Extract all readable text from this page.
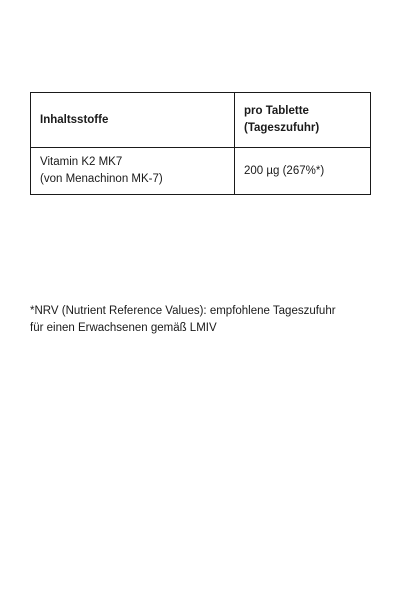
Inhaltsstoffe	pro Tablette
(Tageszufuhr)

Vitamin K2 MK7
(von Menachinon MK-7)	200 µg (267%*)

*NRV (Nutrient Reference Values): empfohlene Tageszufuhr
für einen Erwachsenen gemäß LMIV
